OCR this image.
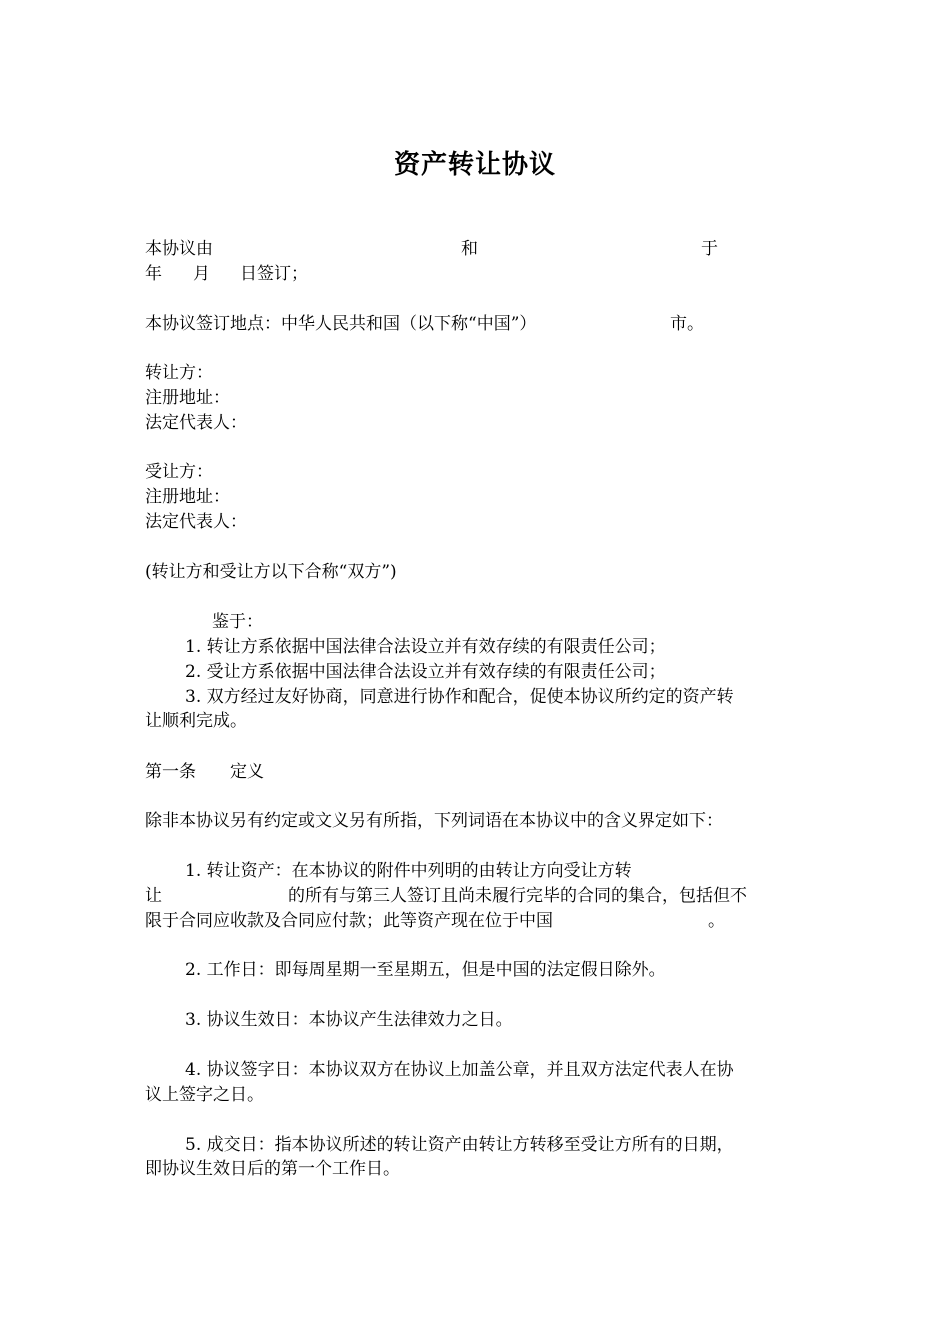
资产转让协议
本协议由	和	于
年 月 日签订；
本协议签订地点：中华人民共和国（以下称“中国”）	市。
转让方：
注册地址：
法定代表人：
受让方：
注册地址：
法定代表人：
(转让方和受让方以下合称“双方”)
鉴于：
1. 转让方系依据中国法律合法设立并有效存续的有限责任公司；
2. 受让方系依据中国法律合法设立并有效存续的有限责任公司；
3. 双方经过友好协商，同意进行协作和配合，促使本协议所约定的资产转
让顺利完成。
第一条 定义
除非本协议另有约定或文义另有所指，下列词语在本协议中的含义界定如下：
1. 转让资产：在本协议的附件中列明的由转让方向受让方转
让	的所有与第三人签订且尚未履行完毕的合同的集合，包括但不
限于合同应收款及合同应付款；此等资产现在位于中国	。
2. 工作日：即每周星期一至星期五，但是中国的法定假日除外。
3. 协议生效日：本协议产生法律效力之日。
4. 协议签字日：本协议双方在协议上加盖公章，并且双方法定代表人在协
议上签字之日。
5. 成交日：指本协议所述的转让资产由转让方转移至受让方所有的日期，
即协议生效日后的第一个工作日。
